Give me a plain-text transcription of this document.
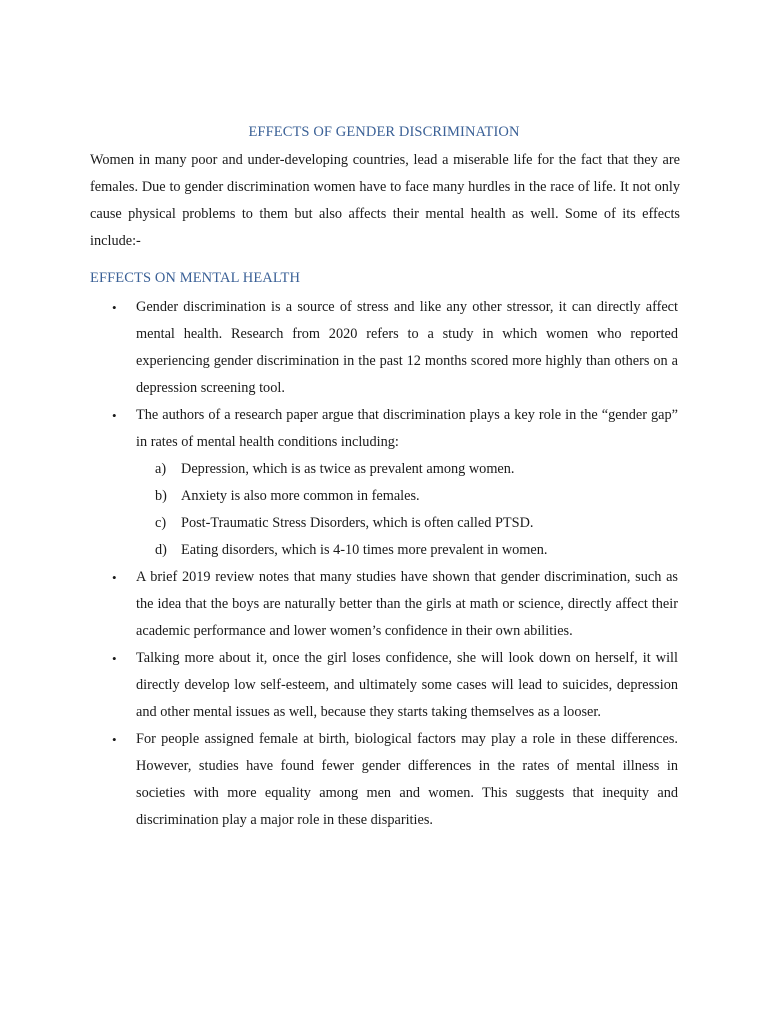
EFFECTS OF GENDER DISCRIMINATION

Women in many poor and under-developing countries, lead a miserable life for the fact that they are females. Due to gender discrimination women have to face many hurdles in the race of life. It not only cause physical problems to them but also affects their mental health as well. Some of its effects include:-

EFFECTS ON MENTAL HEALTH
• Gender discrimination is a source of stress and like any other stressor, it can directly affect mental health. Research from 2020 refers to a study in which women who reported experiencing gender discrimination in the past 12 months scored more highly than others on a depression screening tool.
• The authors of a research paper argue that discrimination plays a key role in the “gender gap” in rates of mental health conditions including:
a) Depression, which is as twice as prevalent among women.
b) Anxiety is also more common in females.
c) Post-Traumatic Stress Disorders, which is often called PTSD.
d) Eating disorders, which is 4-10 times more prevalent in women.
• A brief 2019 review notes that many studies have shown that gender discrimination, such as the idea that the boys are naturally better than the girls at math or science, directly affect their academic performance and lower women’s confidence in their own abilities.
• Talking more about it, once the girl loses confidence, she will look down on herself, it will directly develop low self-esteem, and ultimately some cases will lead to suicides, depression and other mental issues as well, because they starts taking themselves as a looser.
• For people assigned female at birth, biological factors may play a role in these differences. However, studies have found fewer gender differences in the rates of mental illness in societies with more equality among men and women. This suggests that inequity and discrimination play a major role in these disparities.
